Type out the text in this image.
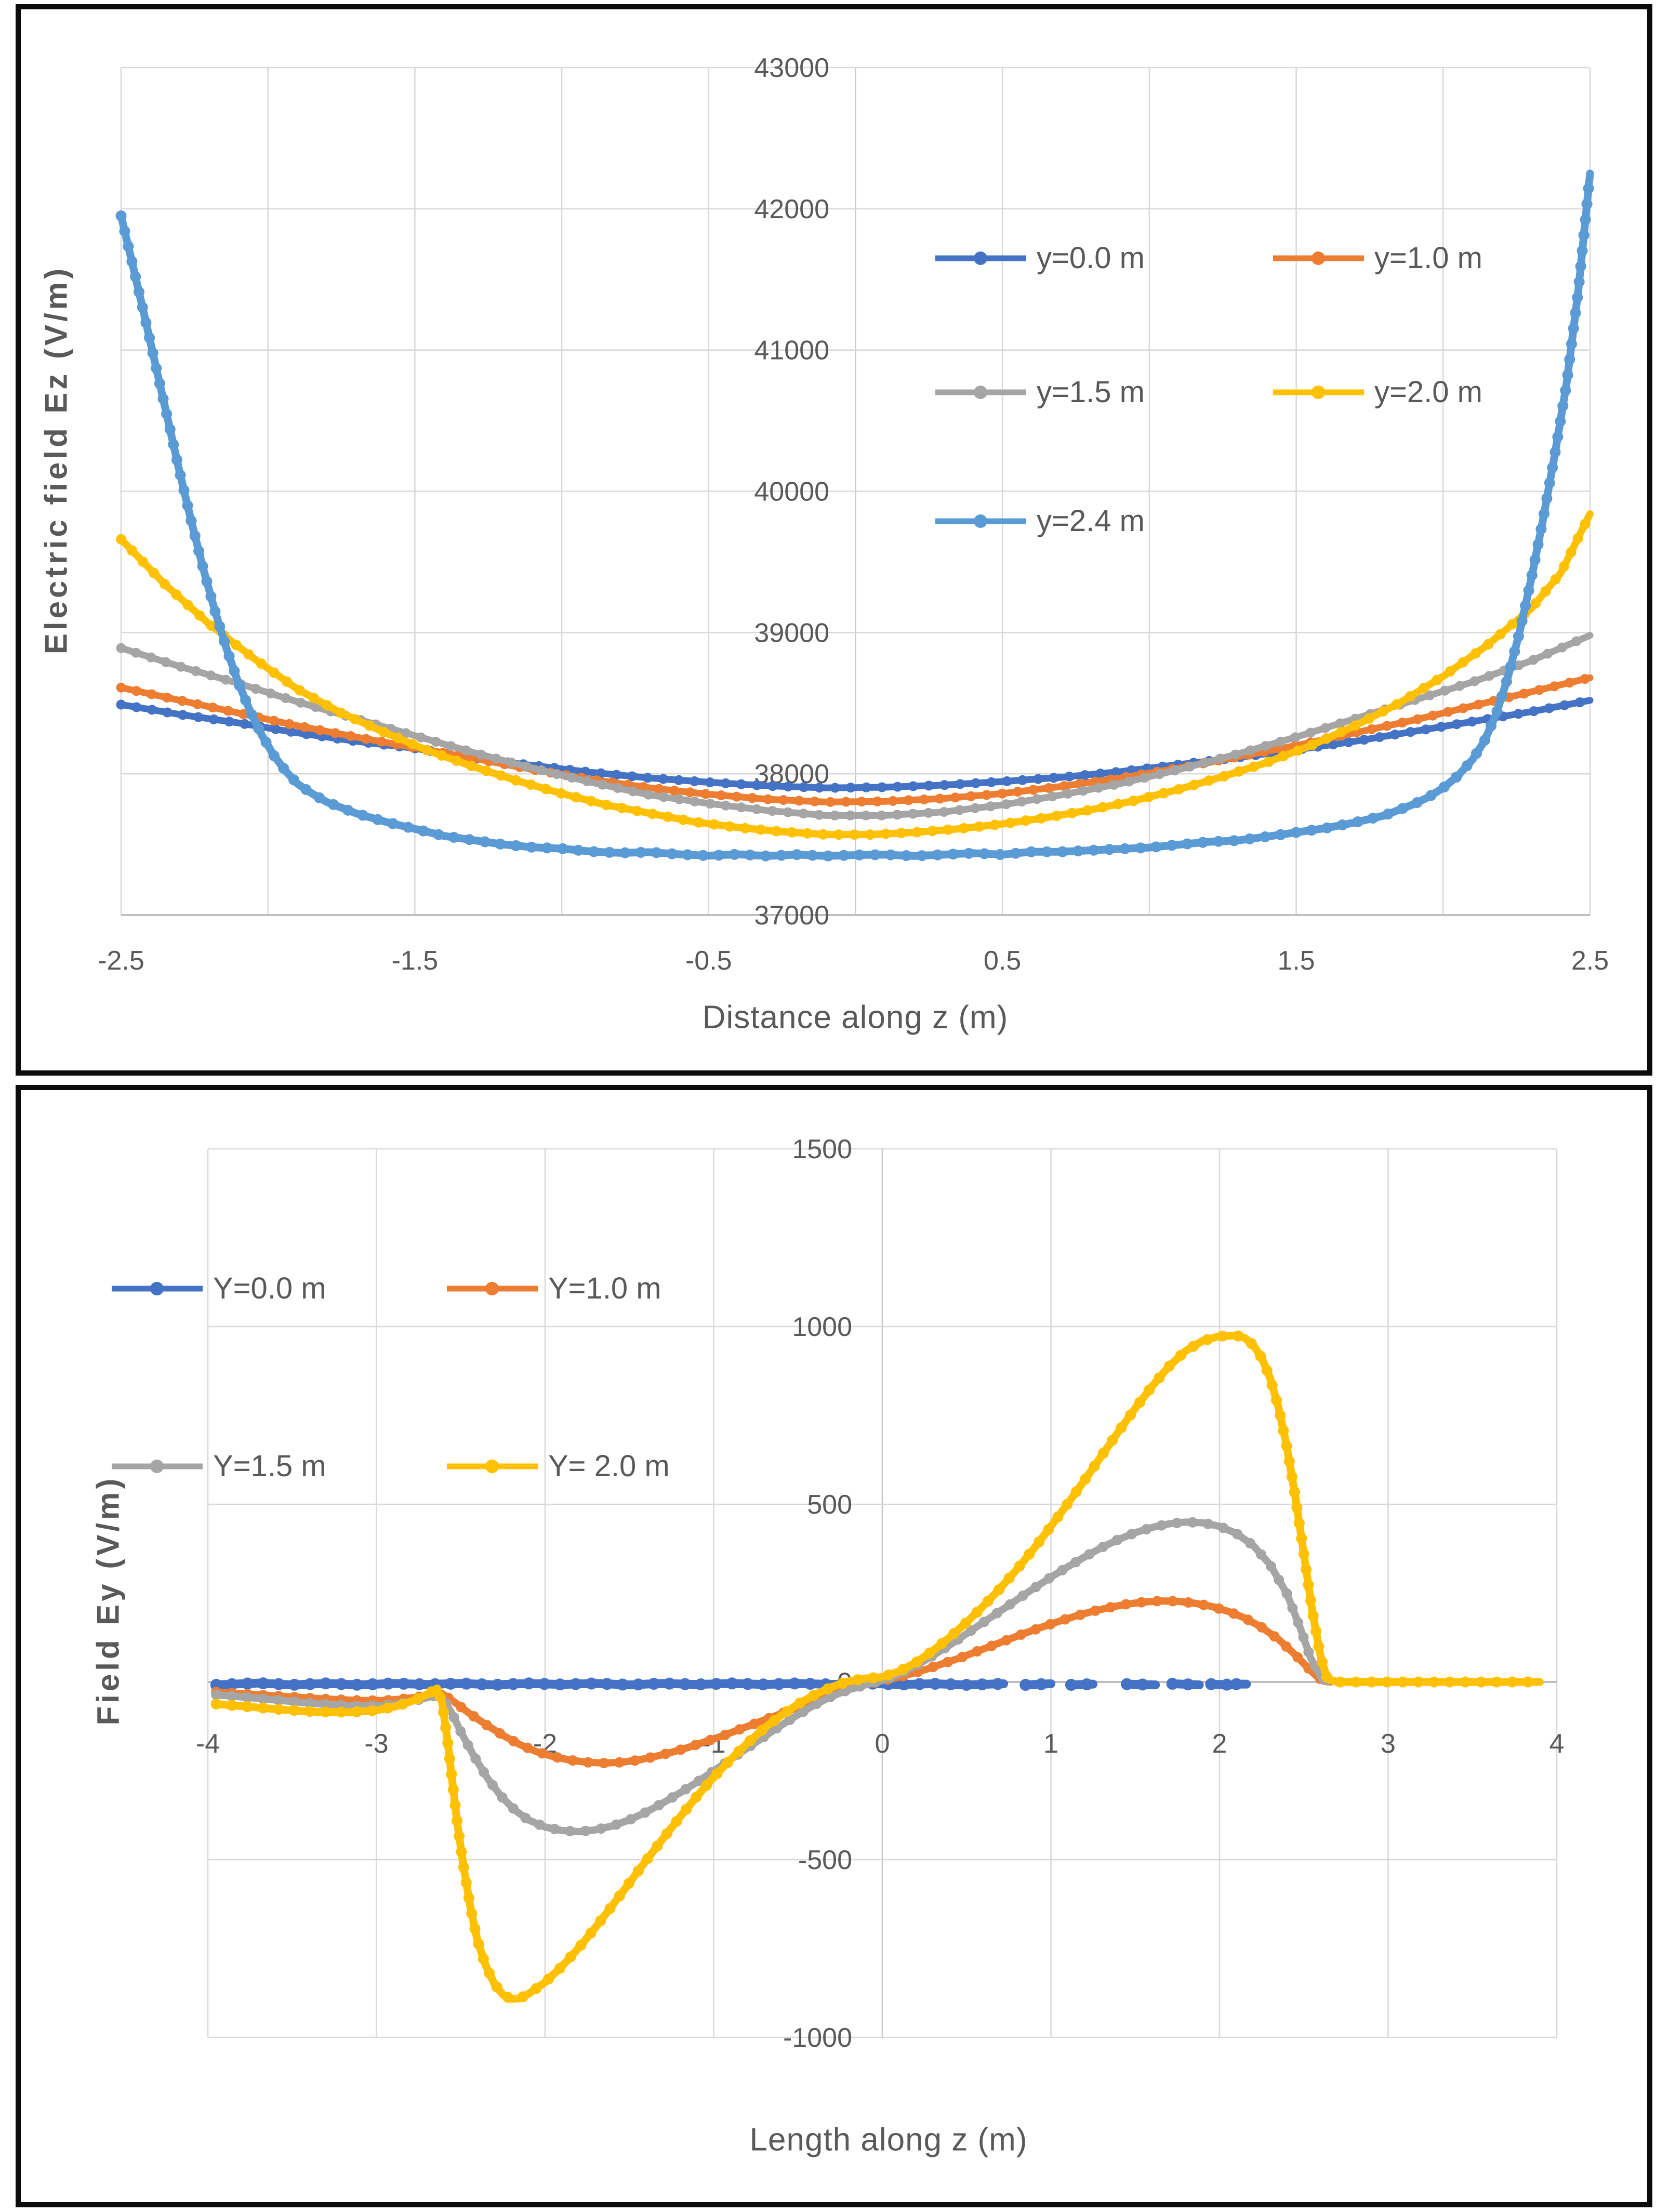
43000
42000
41000
40000
39000
38000
37000
-2.5	-1.5	-0.5	0.5	1.5	2.5
y=0.0 m	y=1.0 m
y=1.5 m	y=2.0 m
y=2.4 m
1500
1000
500
0
-500
-1000
-4	-3	-2	-1	0	1	2	3	4
Y=0.0 m	Y=1.0 m
Y=1.5 m	Y= 2.0 m
Electric field Ez (V/m)
Distance along z (m)
Field Ey (V/m)
Length along z (m)
